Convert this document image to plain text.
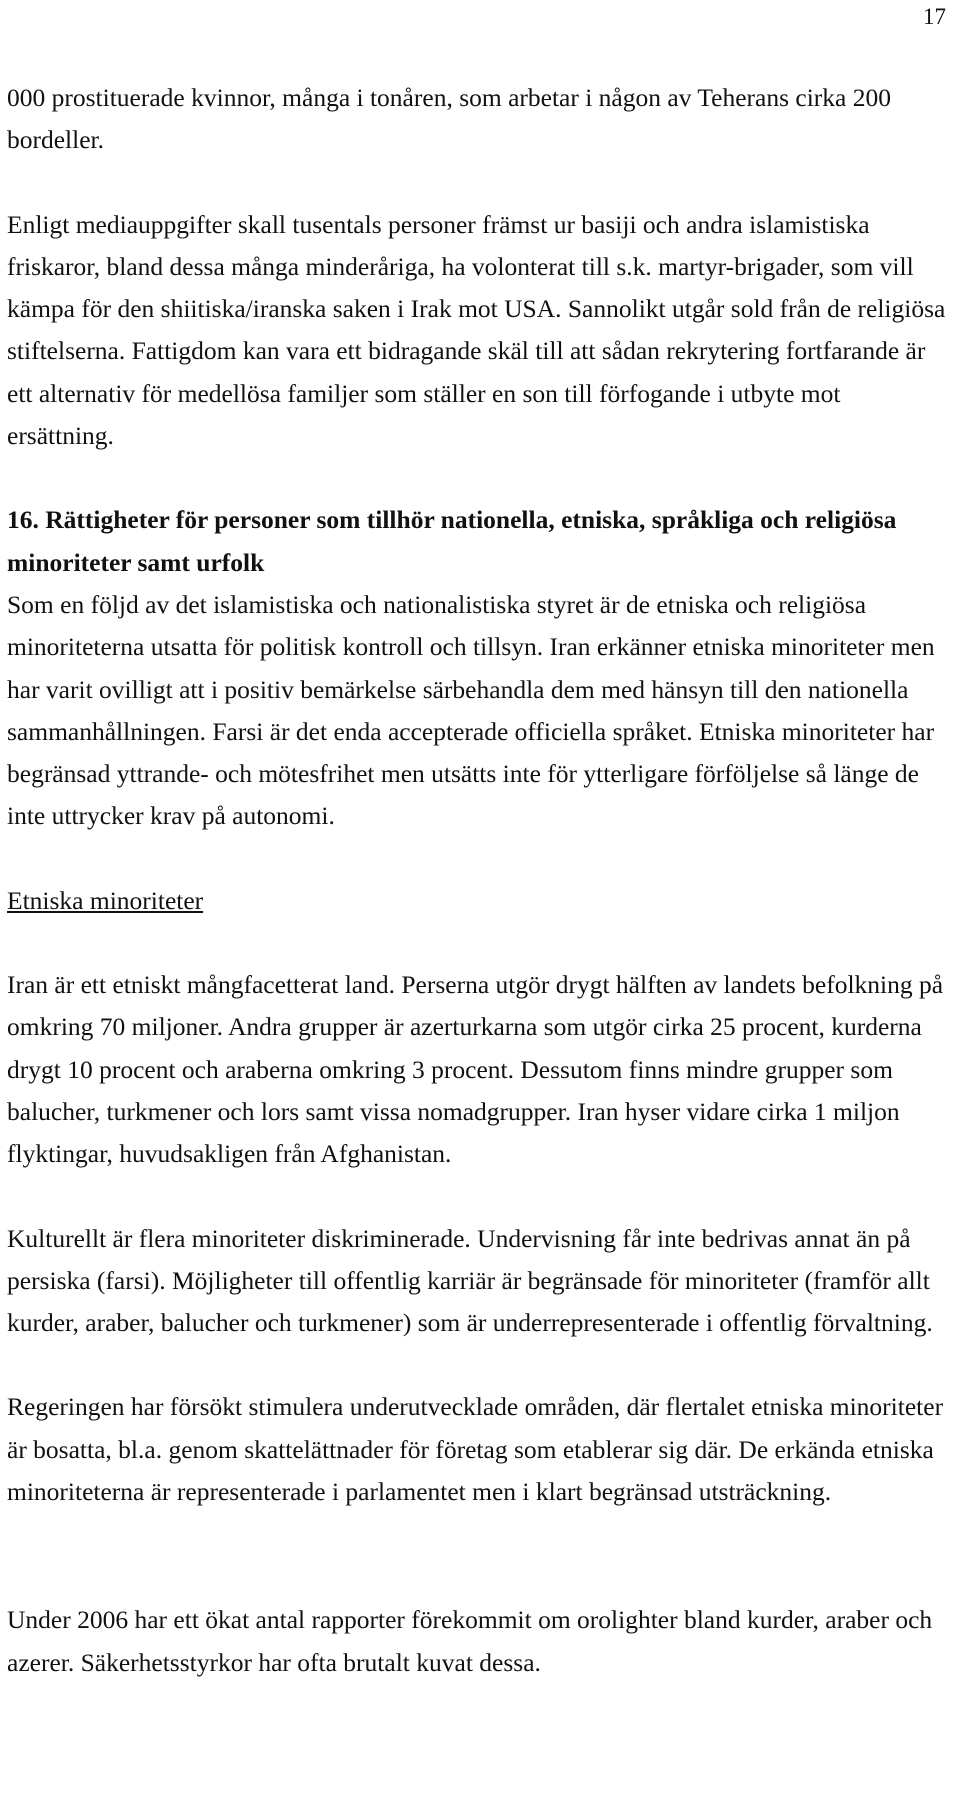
17

000 prostituerade kvinnor, många i tonåren, som arbetar i någon av Teherans cirka 200 bordeller.

Enligt mediauppgifter skall tusentals personer främst ur basiji och andra islamistiska friskaror, bland dessa många minderåriga, ha volonterat till s.k. martyr-brigader, som vill kämpa för den shiitiska/iranska saken i Irak mot USA. Sannolikt utgår sold från de religiösa stiftelserna. Fattigdom kan vara ett bidragande skäl till att sådan rekrytering fortfarande är ett alternativ för medellösa familjer som ställer en son till förfogande i utbyte mot ersättning.

16. Rättigheter för personer som tillhör nationella, etniska, språkliga och religiösa minoriteter samt urfolk

Som en följd av det islamistiska och nationalistiska styret är de etniska och religiösa minoriteterna utsatta för politisk kontroll och tillsyn. Iran erkänner etniska minoriteter men har varit ovilligt att i positiv bemärkelse särbehandla dem med hänsyn till den nationella sammanhållningen. Farsi är det enda accepterade officiella språket. Etniska minoriteter har begränsad yttrande- och mötesfrihet men utsätts inte för ytterligare förföljelse så länge de inte uttrycker krav på autonomi.

Etniska minoriteter

Iran är ett etniskt mångfacetterat land. Perserna utgör drygt hälften av landets befolkning på omkring 70 miljoner. Andra grupper är azerturkarna som utgör cirka 25 procent, kurderna drygt 10 procent och araberna omkring 3 procent. Dessutom finns mindre grupper som balucher, turkmener och lors samt vissa nomadgrupper. Iran hyser vidare cirka 1 miljon flyktingar, huvudsakligen från Afghanistan.

Kulturellt är flera minoriteter diskriminerade. Undervisning får inte bedrivas annat än på persiska (farsi). Möjligheter till offentlig karriär är begränsade för minoriteter (framför allt kurder, araber, balucher och turkmener) som är underrepresenterade i offentlig förvaltning.

Regeringen har försökt stimulera underutvecklade områden, där flertalet etniska minoriteter är bosatta, bl.a. genom skattelättnader för företag som etablerar sig där. De erkända etniska minoriteterna är representerade i parlamentet men i klart begränsad utsträckning.

Under 2006 har ett ökat antal rapporter förekommit om orolighter bland kurder, araber och azerer. Säkerhetsstyrkor har ofta brutalt kuvat dessa.
